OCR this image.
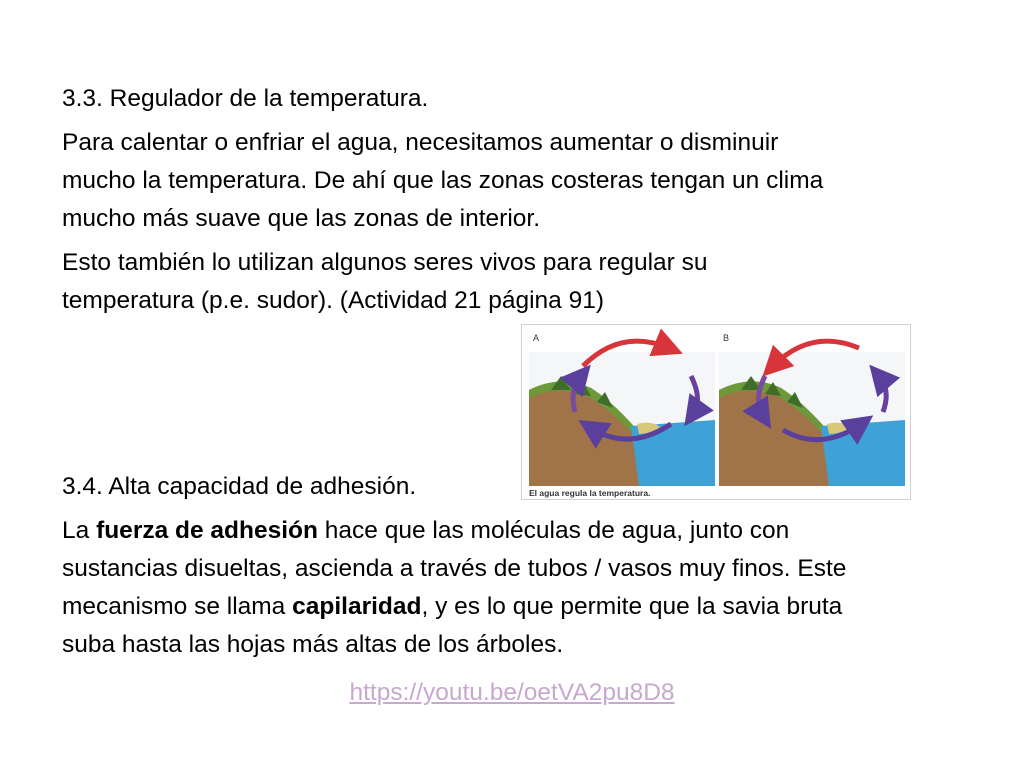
3.3. Regulador de la temperatura.

Para calentar o enfriar el agua, necesitamos aumentar o disminuir
mucho la temperatura. De ahí que las zonas costeras tengan un clima
mucho más suave que las zonas de interior.

Esto también lo utilizan algunos seres vivos para regular su
temperatura (p.e. sudor). (Actividad 21 página 91)

A	B
El agua regula la temperatura.

3.4. Alta capacidad de adhesión.

La fuerza de adhesión hace que las moléculas de agua, junto con
sustancias disueltas, ascienda a través de tubos / vasos muy finos. Este
mecanismo se llama capilaridad, y es lo que permite que la savia bruta
suba hasta las hojas más altas de los árboles.

https://youtu.be/oetVA2pu8D8
